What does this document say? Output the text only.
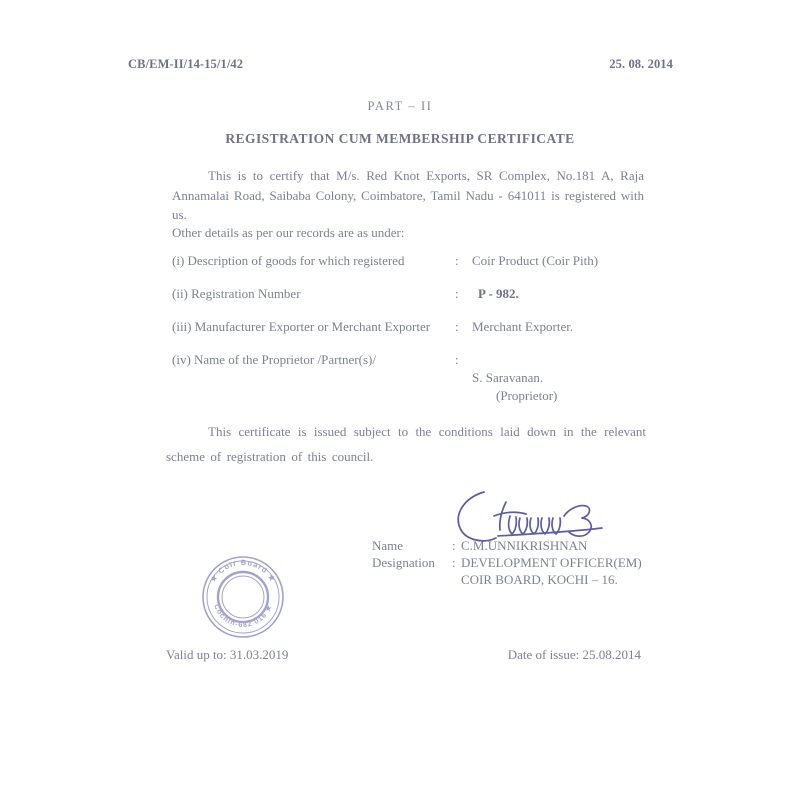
CB/EM-II/14-15/1/42	25. 08. 2014
PART – II
REGISTRATION CUM MEMBERSHIP CERTIFICATE
This is to certify that M/s. Red Knot Exports, SR Complex, No.181 A, Raja Annamalai Road, Saibaba Colony, Coimbatore, Tamil Nadu - 641011 is registered with us.
Other details as per our records are as under:
(i) Description of goods for which registered	:	Coir Product (Coir Pith)
(ii) Registration Number	:	P - 982.
(iii) Manufacturer Exporter or Merchant Exporter	:	Merchant Exporter.
(iv) Name of the Proprietor /Partner(s)/	:

S. Saravanan.

(Proprietor)

This certificate is issued subject to the conditions laid down in the relevant scheme of registration of this council.
Name	: C.M.UNNIKRISHNAN
Designation	: DEVELOPMENT OFFICER(EM)
COIR BOARD, KOCHI – 16.
★ Coir Board ★
Cochin-682 016 ★
Valid up to: 31.03.2019	Date of issue: 25.08.2014
